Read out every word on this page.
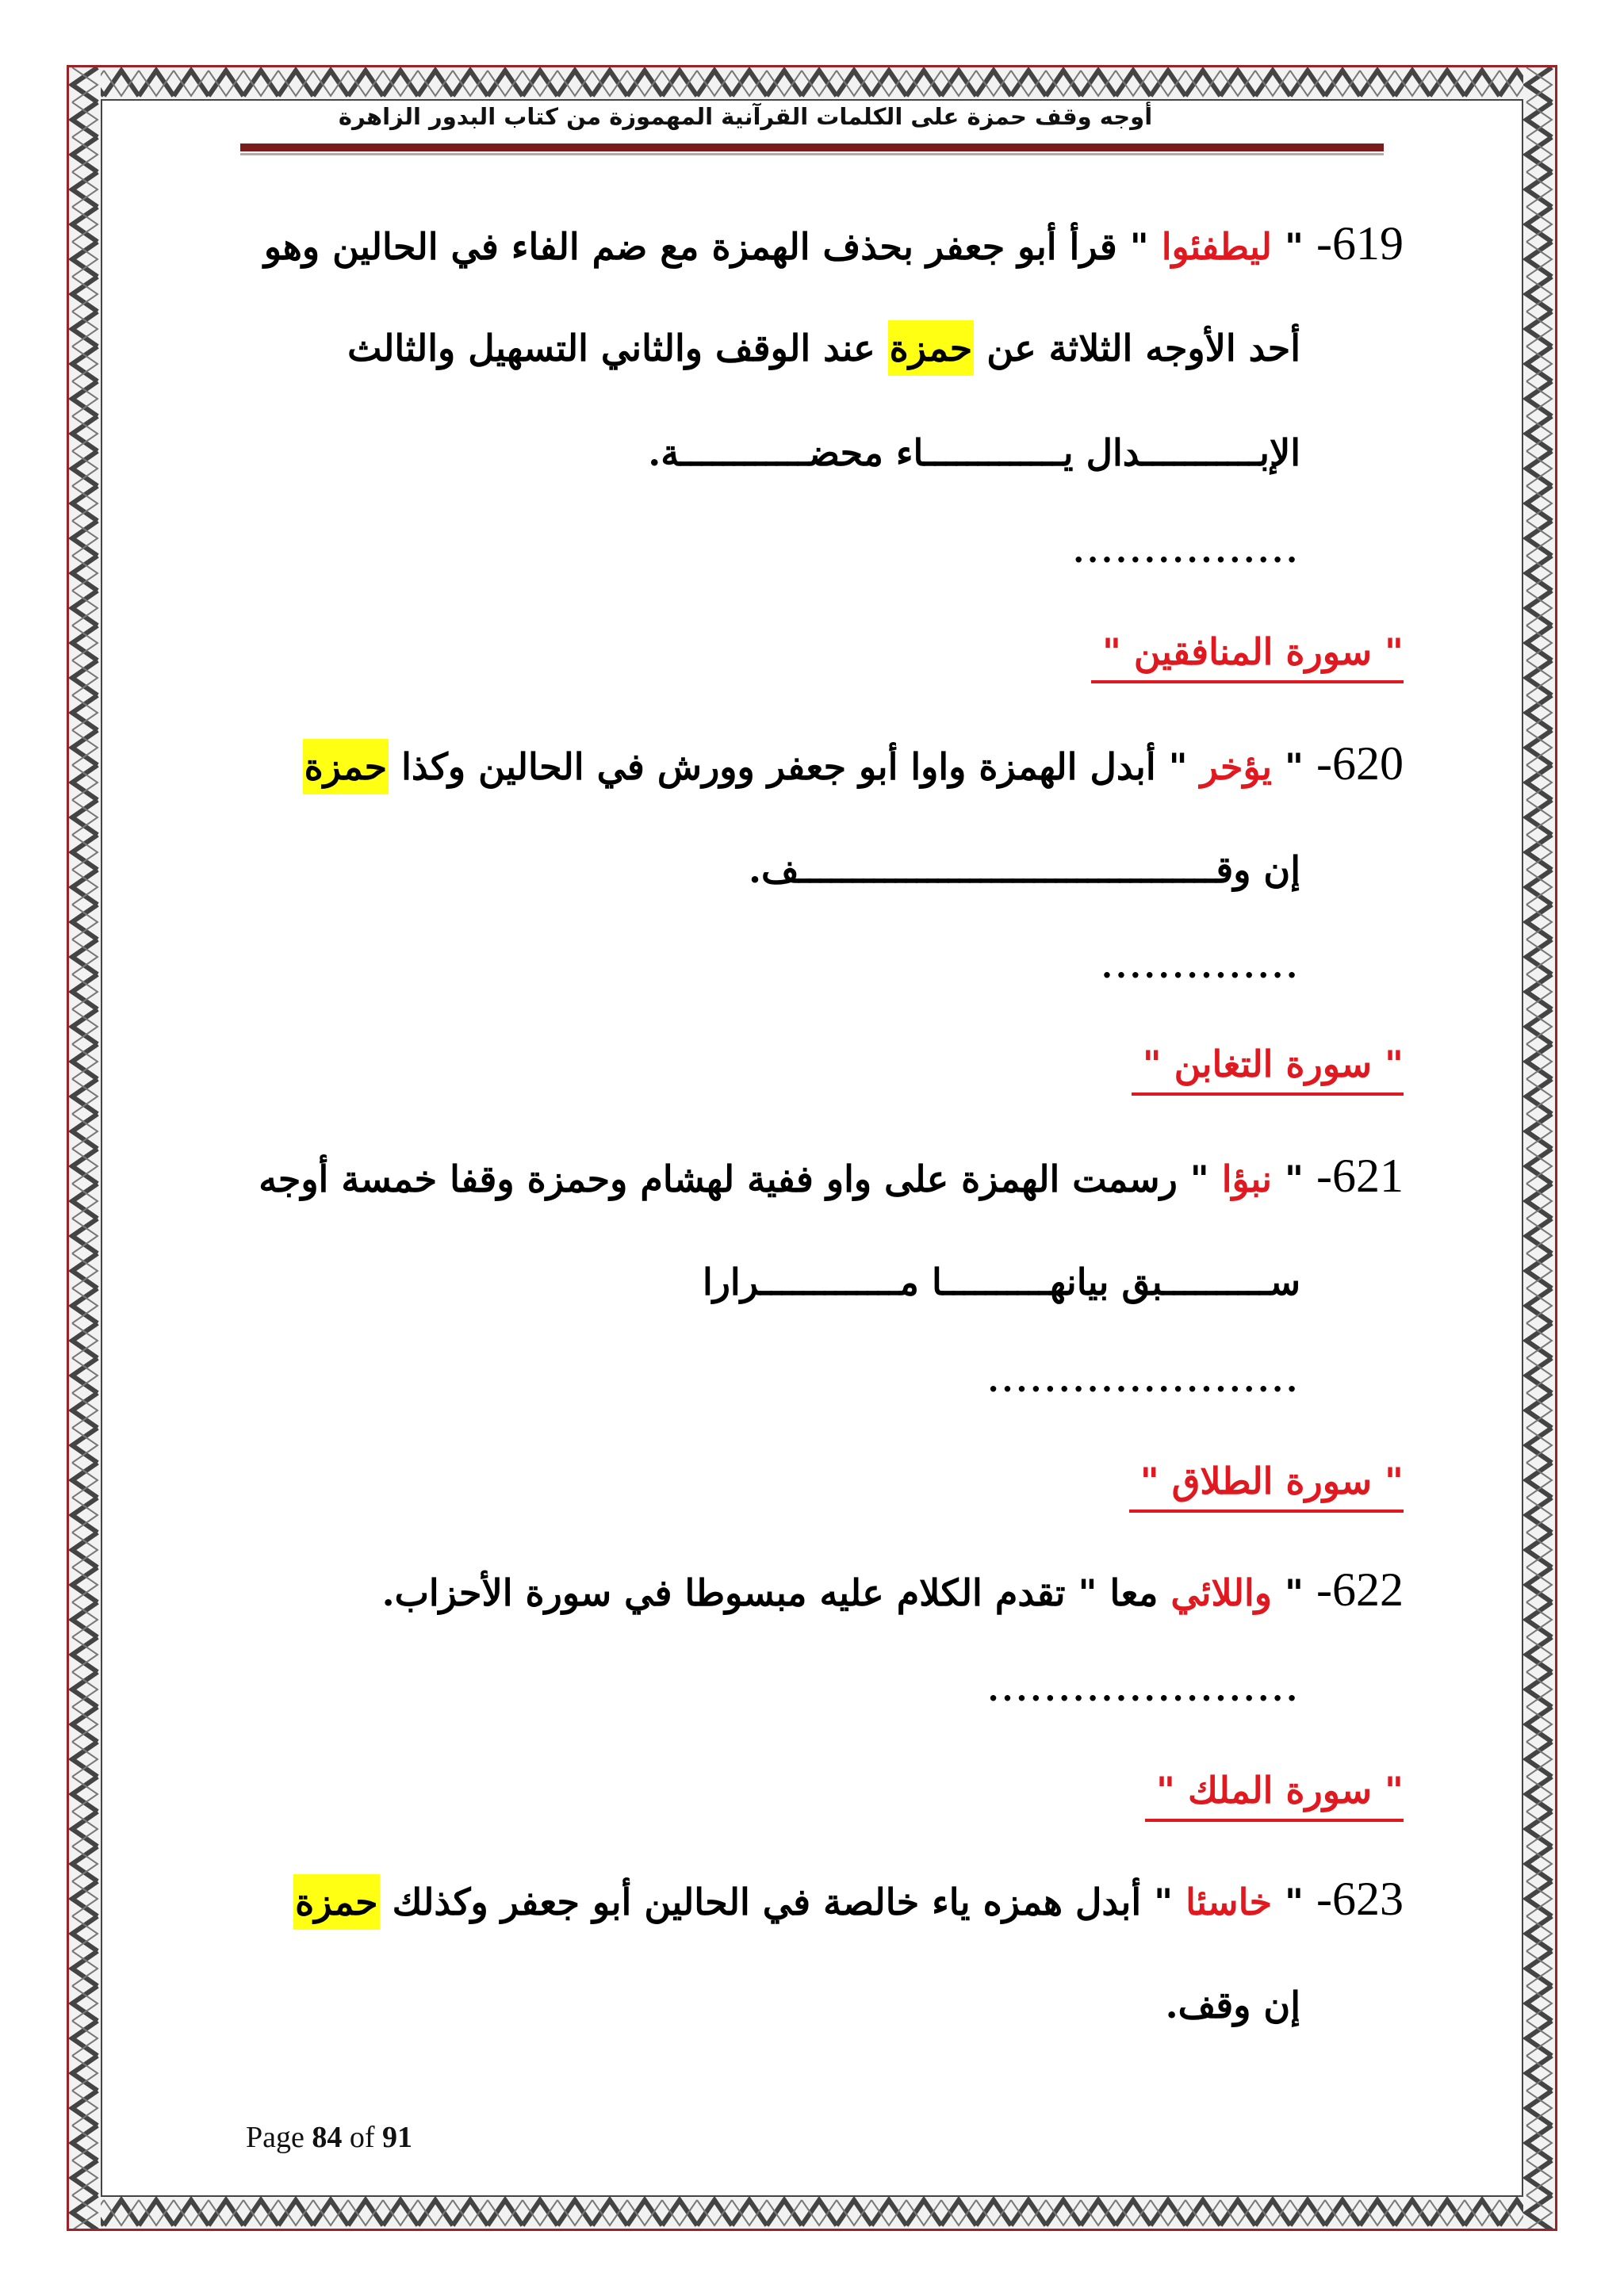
أوجه وقف حمزة على الكلمات القرآنية المهموزة من كتاب البدور الزاهرة
619- " ليطفئوا " قرأ أبو جعفر بحذف الهمزة مع ضم الفاء في الحالين وهو
أحد الأوجه الثلاثة عن حمزة عند الوقف والثاني التسهيل والثالث
الإبـــــــــــدال يـــــــــــــاء محضــــــــــــة.
................
" سورة المنافقين "
620- " يؤخر " أبدل الهمزة واوا أبو جعفر وورش في الحالين وكذا حمزة
إن وقـــــــــــــــــــــــــــــــــــــــف.
..............
" سورة التغابن "
621- " نبؤا " رسمت الهمزة على واو ففية لهشام وحمزة وقفا خمسة أوجه
ســــــــــبق بيانهــــــــــا مـــــــــــــرارا
......................
" سورة الطلاق "
622- " واللائي معا " تقدم الكلام عليه مبسوطا في سورة الأحزاب.
......................
" سورة الملك "
623- " خاسئا " أبدل همزه ياء خالصة في الحالين أبو جعفر وكذلك حمزة
إن وقف.
Page 84 of 91
